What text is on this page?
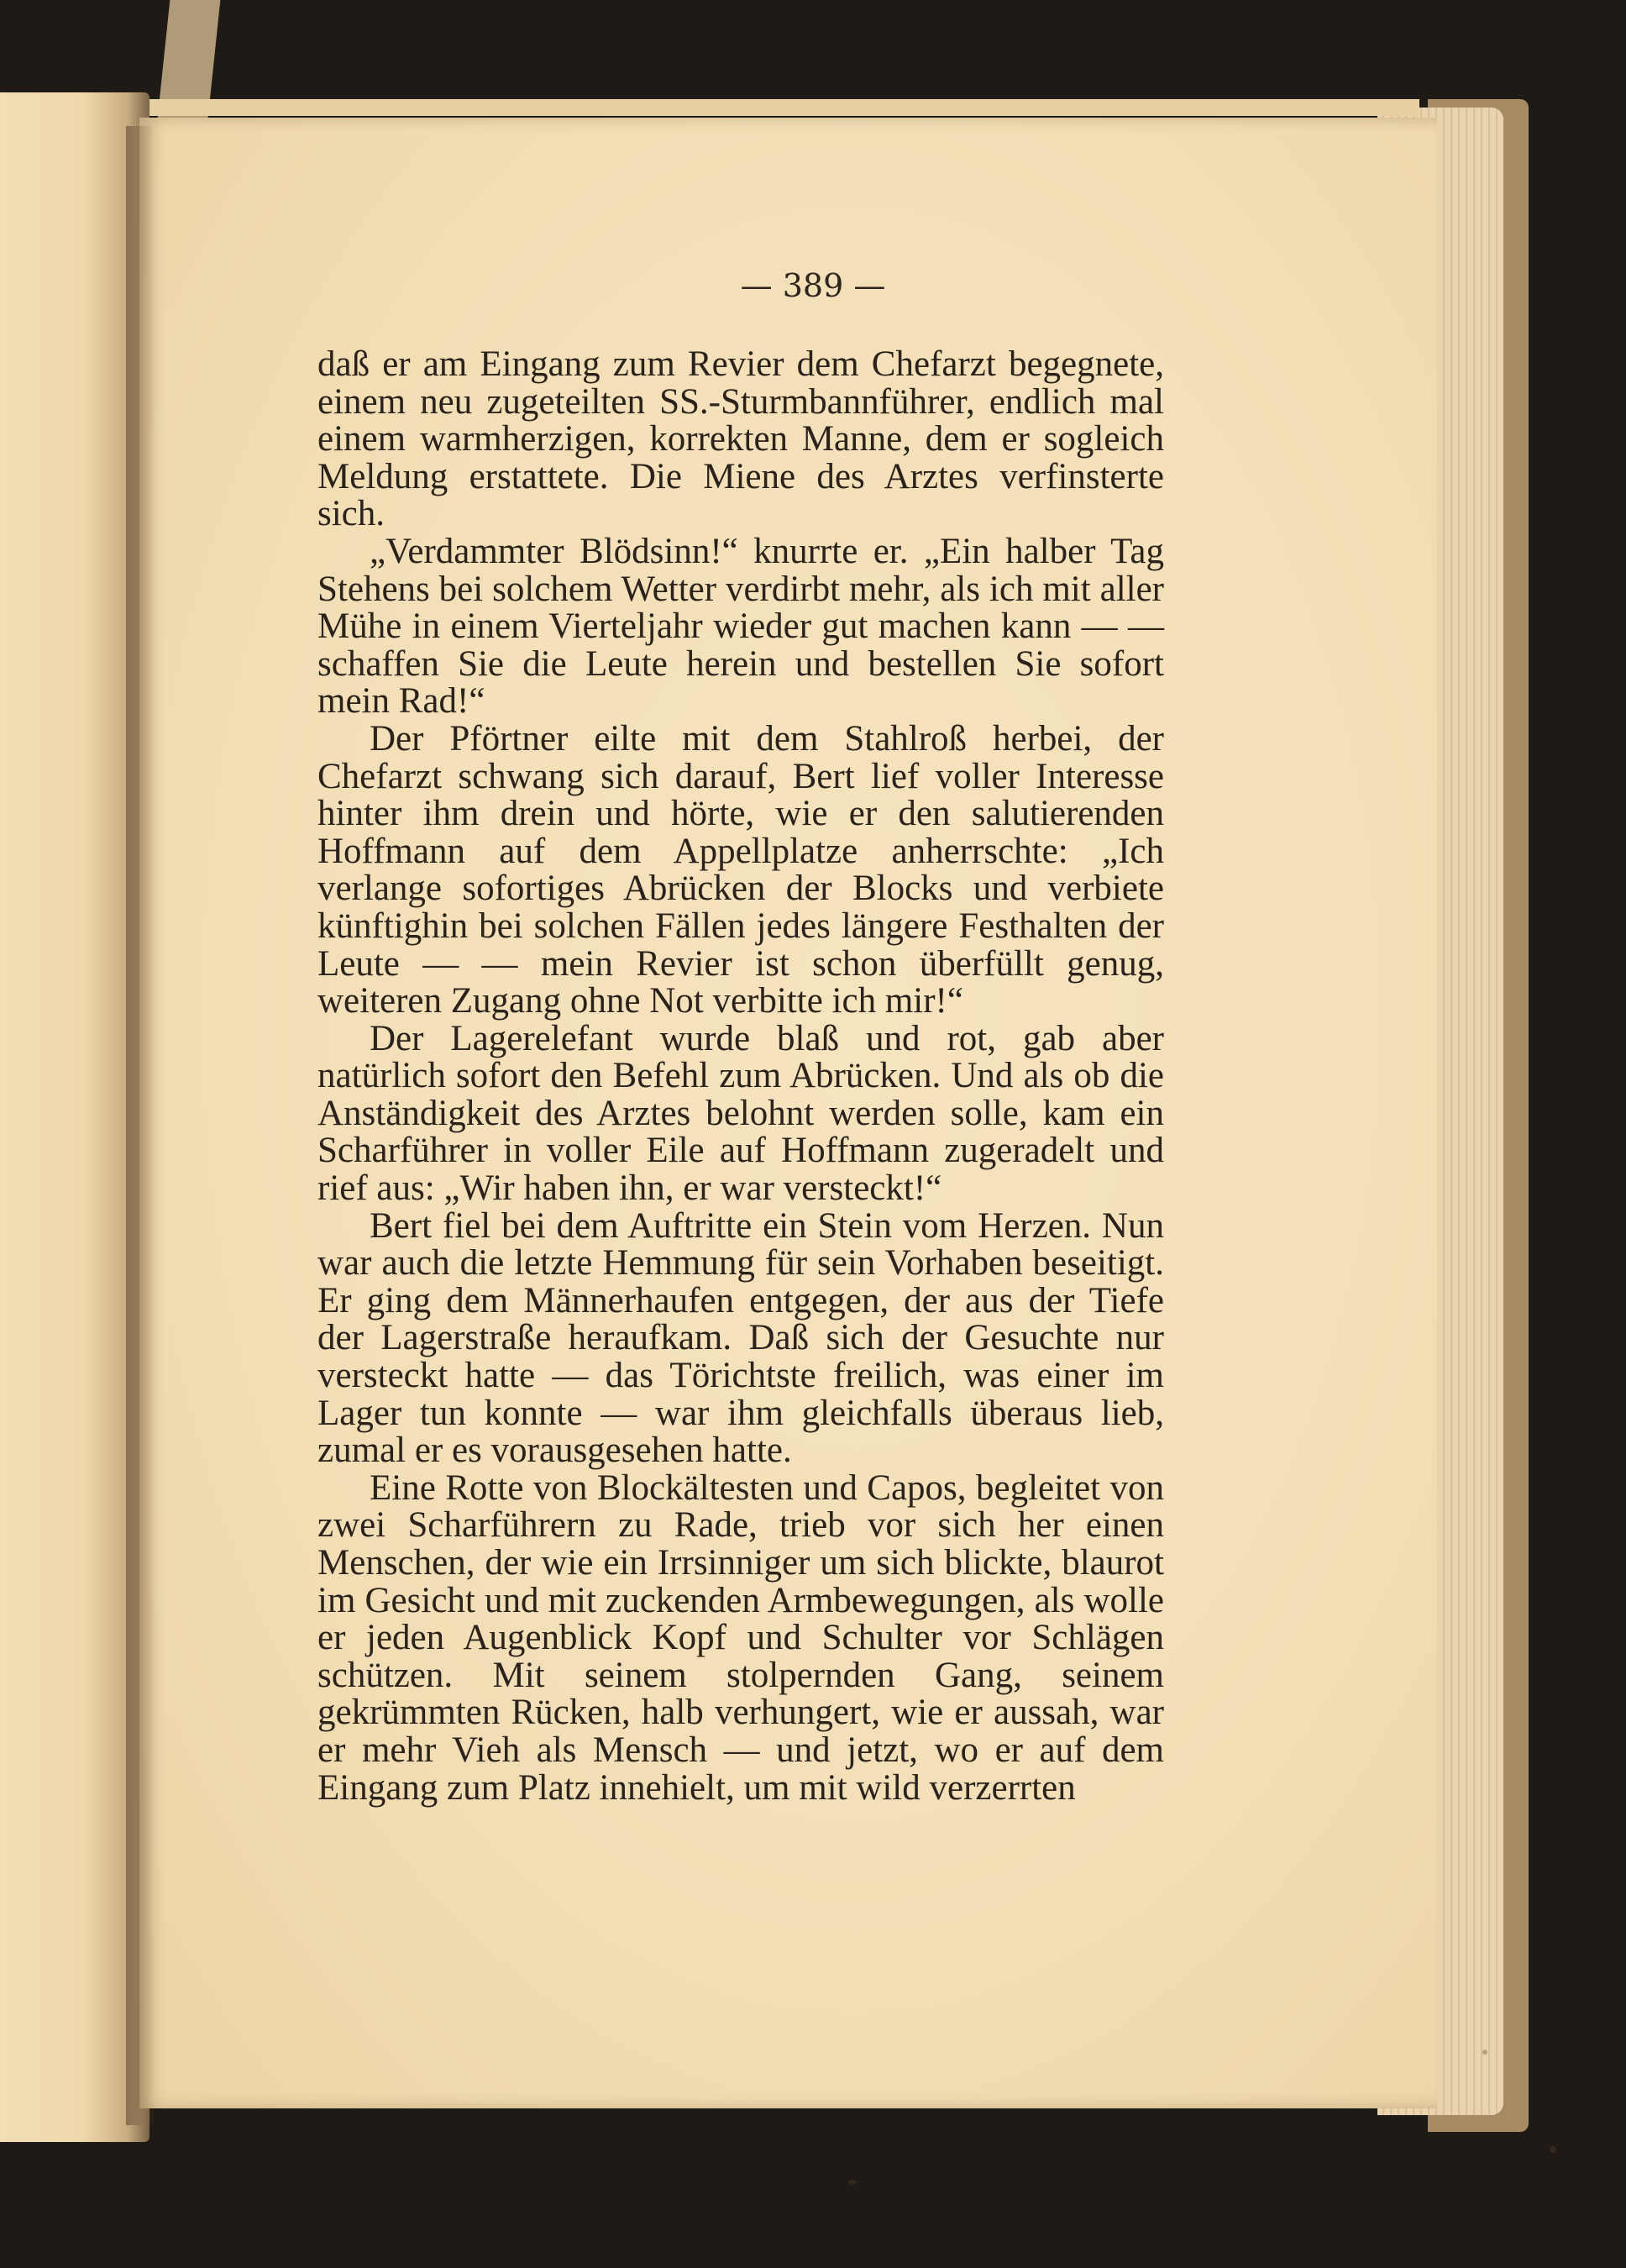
— 389 —

daß er am Eingang zum Revier dem Chefarzt begegnete, einem neu zugeteilten SS.-Sturmbannführer, endlich mal einem warmherzigen, korrekten Manne, dem er sogleich Meldung erstattete. Die Miene des Arztes verfinsterte sich.

„Verdammter Blödsinn!“ knurrte er. „Ein halber Tag Stehens bei solchem Wetter verdirbt mehr, als ich mit aller Mühe in einem Vierteljahr wieder gut machen kann — — schaffen Sie die Leute herein und bestellen Sie sofort mein Rad!“

Der Pförtner eilte mit dem Stahlroß herbei, der Chefarzt schwang sich darauf, Bert lief voller Interesse hinter ihm drein und hörte, wie er den salutierenden Hoffmann auf dem Appellplatze anherrschte: „Ich verlange sofortiges Abrücken der Blocks und verbiete künftighin bei solchen Fällen jedes längere Festhalten der Leute — — mein Revier ist schon überfüllt genug, weiteren Zugang ohne Not verbitte ich mir!“

Der Lagerelefant wurde blaß und rot, gab aber natürlich sofort den Befehl zum Abrücken. Und als ob die Anständigkeit des Arztes belohnt werden solle, kam ein Scharführer in voller Eile auf Hoffmann zugeradelt und rief aus: „Wir haben ihn, er war versteckt!“

Bert fiel bei dem Auftritte ein Stein vom Herzen. Nun war auch die letzte Hemmung für sein Vorhaben beseitigt. Er ging dem Männerhaufen entgegen, der aus der Tiefe der Lagerstraße heraufkam. Daß sich der Gesuchte nur versteckt hatte — das Törichtste freilich, was einer im Lager tun konnte — war ihm gleichfalls überaus lieb, zumal er es vorausgesehen hatte.

Eine Rotte von Blockältesten und Capos, begleitet von zwei Scharführern zu Rade, trieb vor sich her einen Menschen, der wie ein Irrsinniger um sich blickte, blaurot im Gesicht und mit zuckenden Armbewegungen, als wolle er jeden Augenblick Kopf und Schulter vor Schlägen schützen. Mit seinem stolpernden Gang, seinem gekrümmten Rücken, halb verhungert, wie er aussah, war er mehr Vieh als Mensch — und jetzt, wo er auf dem Eingang zum Platz innehielt, um mit wild verzerrten
